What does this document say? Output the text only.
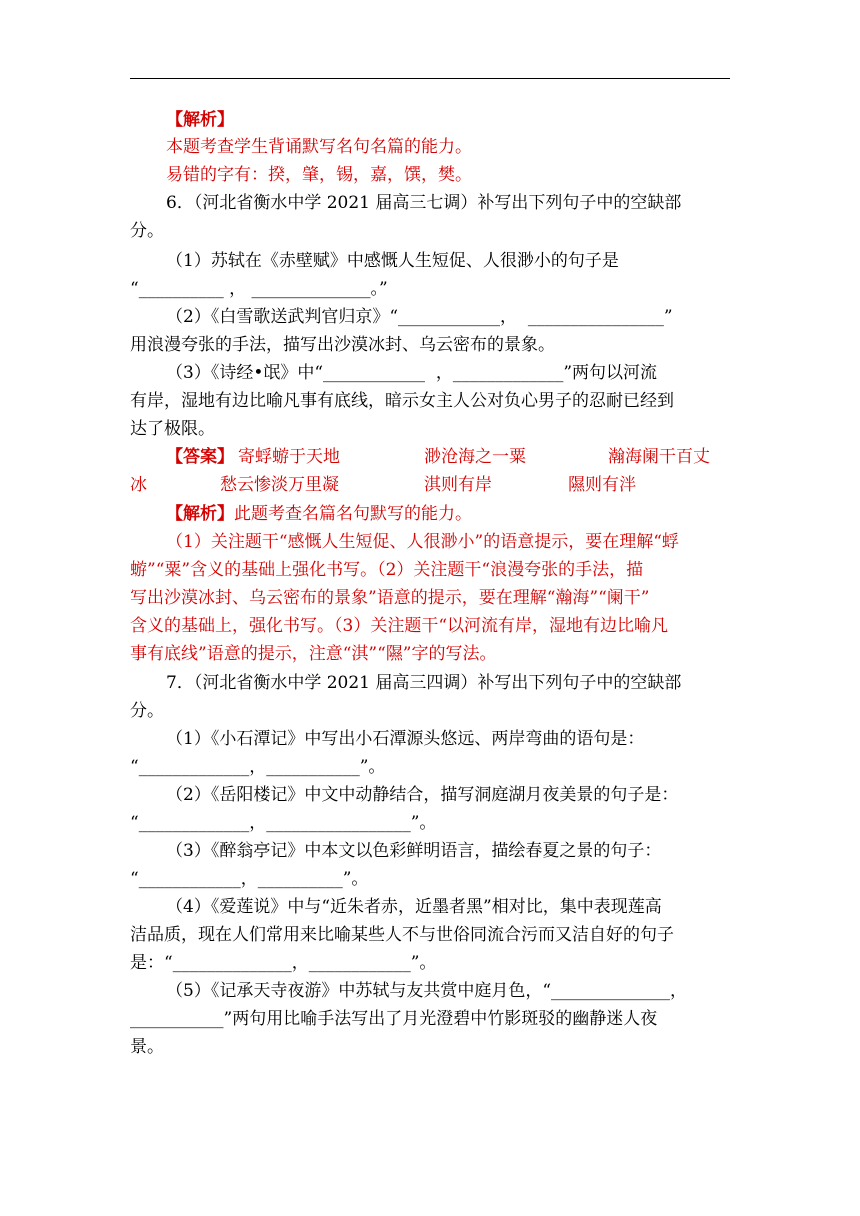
【解析】
本题考查学生背诵默写名句名篇的能力。
易错的字有：揆，肇，锡，嘉，馔，樊。
6．（河北省衡水中学 2021 届高三七调）补写出下列句子中的空缺部
分。
（1）苏轼在《赤壁赋》中感慨人生短促、人很渺小的句子是
“__________ ， ______________。”
（2）《白雪歌送武判官归京》“____________，  ________________”
用浪漫夸张的手法，描写出沙漠冰封、乌云密布的景象。
（3）《诗经•氓》中“____________  ，_____________”两句以河流
有岸，湿地有边比喻凡事有底线，暗示女主人公对负心男子的忍耐已经到
达了极限。
【答案】 寄蜉蝣于天地	渺沧海之一粟	瀚海阑干百丈
冰	愁云惨淡万里凝	淇则有岸	隰则有泮
【解析】此题考查名篇名句默写的能力。
（1）关注题干“感慨人生短促、人很渺小”的语意提示，要在理解“蜉
蝣”“粟”含义的基础上强化书写。（2）关注题干“浪漫夸张的手法，描
写出沙漠冰封、乌云密布的景象”语意的提示，要在理解“瀚海”“阑干”
含义的基础上，强化书写。（3）关注题干“以河流有岸，湿地有边比喻凡
事有底线”语意的提示，注意“淇”“隰”字的写法。
7．（河北省衡水中学 2021 届高三四调）补写出下列句子中的空缺部
分。
（1）《小石潭记》中写出小石潭源头悠远、两岸弯曲的语句是：
“_____________，___________”。
（2）《岳阳楼记》中文中动静结合，描写洞庭湖月夜美景的句子是：
“_____________，_________________”。
（3）《醉翁亭记》中本文以色彩鲜明语言，描绘春夏之景的句子：
“____________，__________”。
（4）《爱莲说》中与“近朱者赤，近墨者黑”相对比，集中表现莲高
洁品质，现在人们常用来比喻某些人不与世俗同流合污而又洁自好的句子
是：“______________，____________”。
（5）《记承天寺夜游》中苏轼与友共赏中庭月色，“______________，
___________”两句用比喻手法写出了月光澄碧中竹影斑驳的幽静迷人夜
景。
